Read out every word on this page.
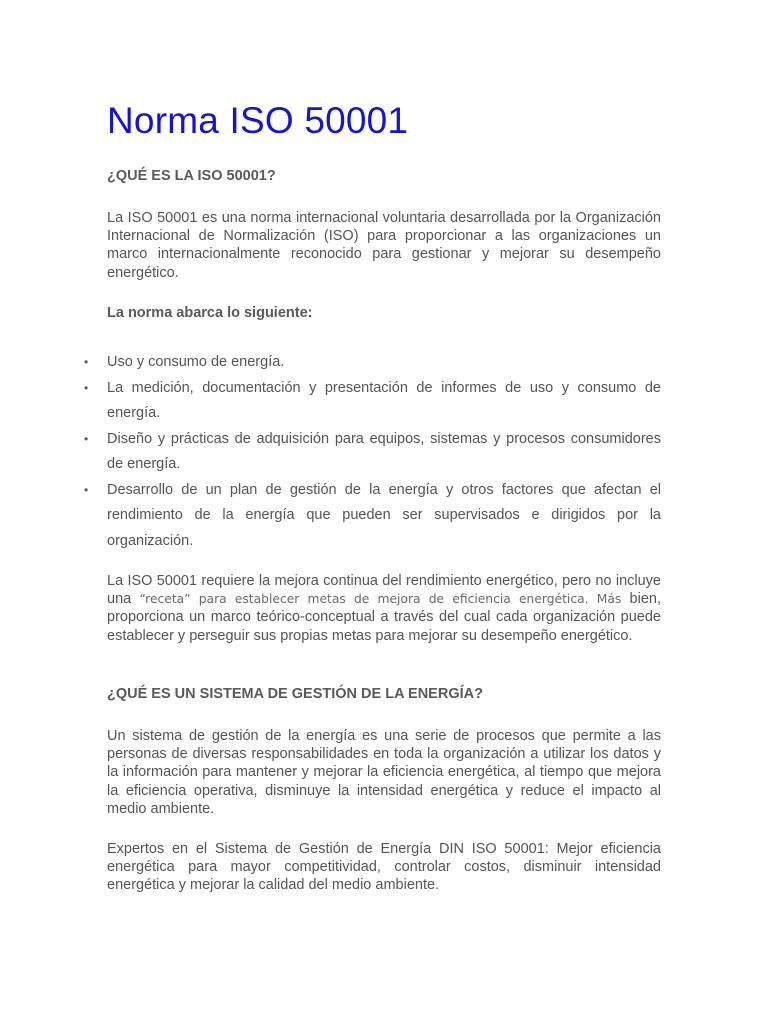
Norma ISO 50001
¿QUÉ ES LA ISO 50001?

La ISO 50001 es una norma internacional voluntaria desarrollada por la Organización Internacional de Normalización (ISO) para proporcionar a las organizaciones un marco internacionalmente reconocido para gestionar y mejorar su desempeño energético.

La norma abarca lo siguiente:
• Uso y consumo de energía.
• La medición, documentación y presentación de informes de uso y consumo de energía.
• Diseño y prácticas de adquisición para equipos, sistemas y procesos consumidores de energía.
• Desarrollo de un plan de gestión de la energía y otros factores que afectan el rendimiento de la energía que pueden ser supervisados e dirigidos por la organización.

La ISO 50001 requiere la mejora continua del rendimiento energético, pero no incluye una “receta” para establecer metas de mejora de eficiencia energética. Más bien, proporciona un marco teórico-conceptual a través del cual cada organización puede establecer y perseguir sus propias metas para mejorar su desempeño energético.

¿QUÉ ES UN SISTEMA DE GESTIÓN DE LA ENERGÍA?

Un sistema de gestión de la energía es una serie de procesos que permite a las personas de diversas responsabilidades en toda la organización a utilizar los datos y la información para mantener y mejorar la eficiencia energética, al tiempo que mejora la eficiencia operativa, disminuye la intensidad energética y reduce el impacto al medio ambiente.

Expertos en el Sistema de Gestión de Energía DIN ISO 50001: Mejor eficiencia energética para mayor competitividad, controlar costos, disminuir intensidad energética y mejorar la calidad del medio ambiente.
